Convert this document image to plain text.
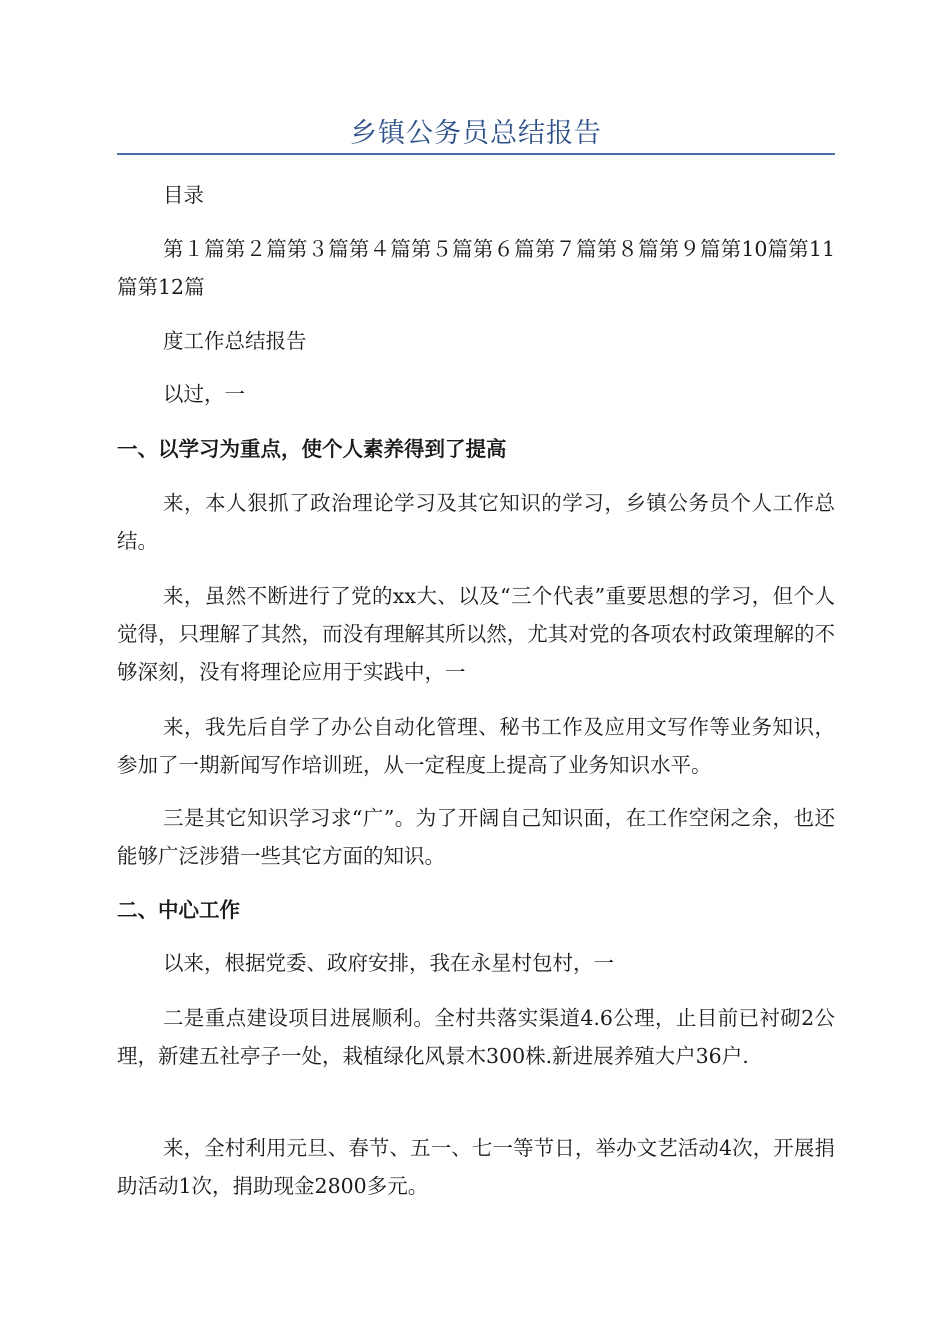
乡镇公务员总结报告

目录

第１篇第２篇第３篇第４篇第５篇第６篇第７篇第８篇第９篇第10篇第11篇第12篇

度工作总结报告

以过，一

一、以学习为重点，使个人素养得到了提高

来，本人狠抓了政治理论学习及其它知识的学习，乡镇公务员个人工作总结。

来，虽然不断进行了党的xx大、以及“三个代表”重要思想的学习，但个人觉得，只理解了其然，而没有理解其所以然，尤其对党的各项农村政策理解的不够深刻，没有将理论应用于实践中，一

来，我先后自学了办公自动化管理、秘书工作及应用文写作等业务知识，参加了一期新闻写作培训班，从一定程度上提高了业务知识水平。

三是其它知识学习求“广”。为了开阔自己知识面，在工作空闲之余，也还能够广泛涉猎一些其它方面的知识。

二、中心工作

以来，根据党委、政府安排，我在永星村包村，一

二是重点建设项目进展顺利。全村共落实渠道4.6公理，止目前已衬砌2公理，新建五社亭子一处，栽植绿化风景木300株.新进展养殖大户36户.

来，全村利用元旦、春节、五一、七一等节日，举办文艺活动4次，开展捐助活动1次，捐助现金2800多元。
